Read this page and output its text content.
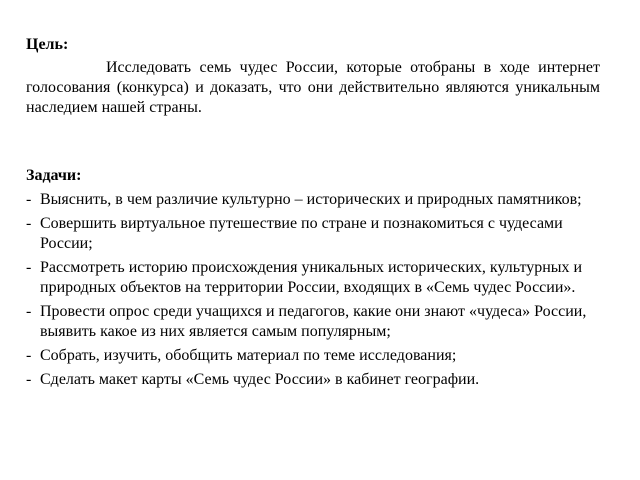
Цель:
Исследовать семь чудес России, которые отобраны в ходе интернет голосования (конкурса) и доказать, что они действительно являются уникальным наследием нашей страны.
Задачи:
- Выяснить, в чем различие культурно – исторических и природных памятников;
- Совершить виртуальное путешествие по стране и познакомиться с чудесами России;
- Рассмотреть историю происхождения уникальных исторических, культурных и природных объектов на территории России, входящих в «Семь чудес России».
- Провести опрос среди учащихся и педагогов, какие они знают «чудеса» России, выявить какое из них является самым популярным;
- Собрать, изучить, обобщить материал по теме исследования;
- Сделать макет карты «Семь чудес России» в кабинет географии.
